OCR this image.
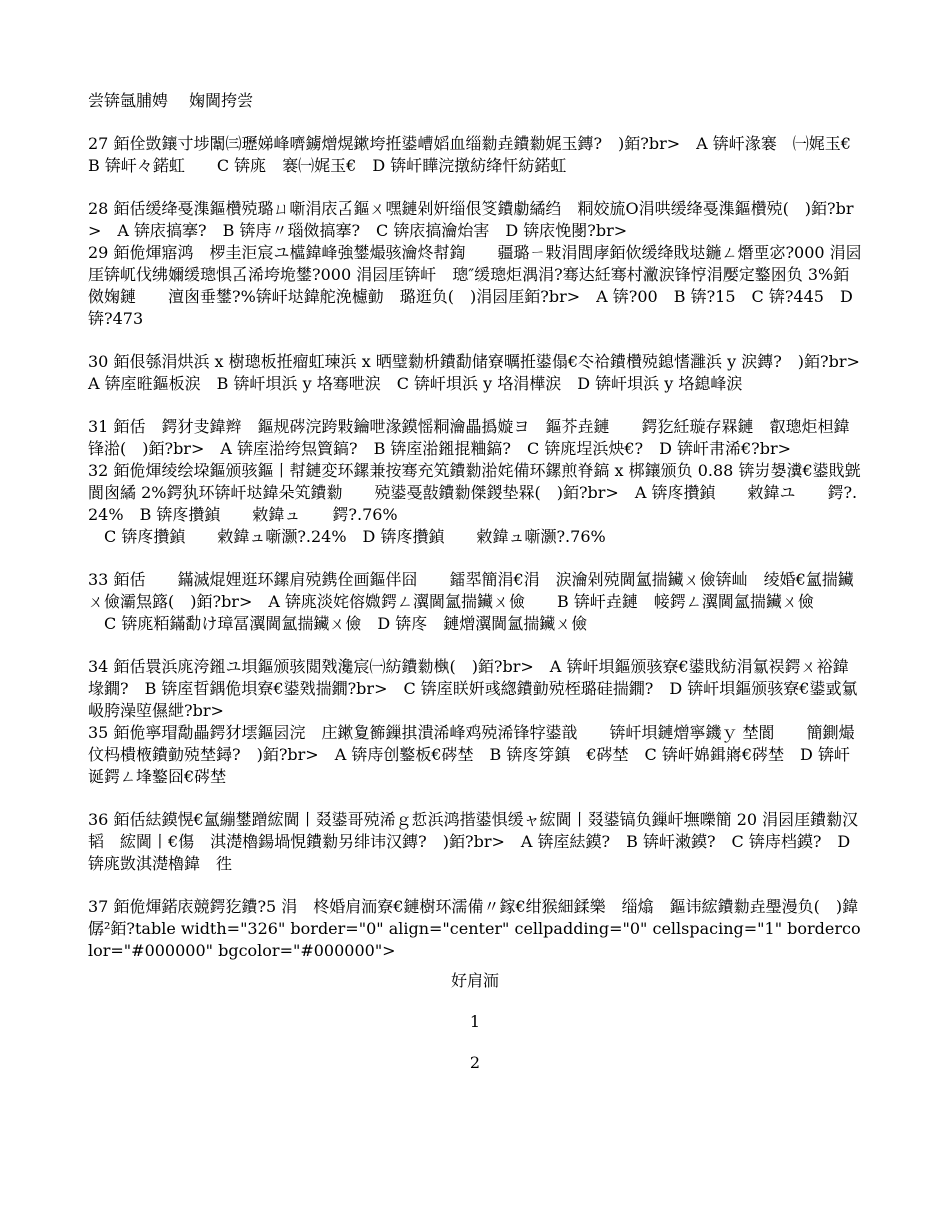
尝锛氬脯娉　 婅閫挎尝

27 銆佺敳鑲寸埗闈㈢瓑娣峰嚌鐪熷熀鏉垮拰鍙嶆嫍血缁勬垚鐨勬娓玉鏄?　)銆?br>　A 锛屽湪褰　㈠娓玉€　B 锛屽々鍩虹　　C 锛庣　褰㈠娓玉€　D 锛屽瞱浣撴紡绛忓紡鍩虹

28 銆佸缓绛戞潗鏂欑殑璐ㄩ噺涓庡叾鏂ㄨ嘿鏈剁姸缁佷笅鐨勮繘绉　粡姣旈О涓哄缓绛戞潗鏂欑殑(　)銆?br>　A 锛庡搞搴?　B 锛庤〃瑙傚搞搴?　C 锛庡搞瀹炲害　D 锛庡悗閿?br>

29 銆佹煇寤鸿　椤圭洰宸ユ櫙鍏峰強鐢熶骇瀹炵幇鍧　　疆璐ㄧ敤涓閭庨銆佽缓绛戝垯鍦ㄥ熸垔宓?000 涓囩厓锛屼伐绋嬭缓璁惧叾浠垮垝鐢?000 涓囩厓锛屽　璁″缓璁炬湡涓?骞达紝骞村潎涙锋悙涓嬮定鐜囦负 3%銆傚婅鏈　　澶囪垂鐢?%锛屽垯鍏舵浼櫖勭　璐逛负(　)涓囩厓銆?br>　A 锛?00　B 锛?15　C 锛?445　D 锛?473

30 銆佷綔涓烘浜 x 樹璁板拰瘤虹瑓浜 x 晒璧勬枡鐨勫储寮曞拰鍙傝€冭祫鐨欑殑鎴愭灉浜 y 涙鏄?　)銆?br>　A 锛庢暀鏂板涙　B 锛屽垻浜 y 垎骞呭涙　C 锛屽垻浜 y 垎涓樺涙　D 锛屽垻浜 y 垎鎴峰涙

31 銆佸　鍔犲叏鍏辫　鏂规硶浣跨敤鑰呭湪鏌愮粡瀹畾撝嫙ヨ　鏂芥垚鏈　　鍔犵紝璇存槑鏈　叡璁炬柦鍏锋湁(　)銆?br>　A 锛庢湁绔炰簤鎬?　B 锛庢湁鎺掍粬鎬?　C 锛庣埕浜炴€?　D 锛屽帇浠€?br>

32 銆佹煇绫绘垜鏂颁骇鏂丨幇鏈変环鏍兼按骞充笂鐨勬湁姹備环鏍煎脊鎬 x 梆鑲颁负 0.88 锛岃嫢瀵€鍙戝皝閬囪繘 2%鍔犱环锛屽垯鍏朵笂鐨勬　　殑鍙戞敼鐨勬傑鍐垫槑(　)銆?br>　A 锛庝攢鍞　　敹鍏ユ　　鍔?.24%　B 锛庝攢鍞　　敹鍏ュ　　鍔?.76%

　C 锛庝攢鍞　　敹鍏ュ噺灏?.24%　D 锛庝攢鍞　　敹鍏ュ噺灏?.76%

33 銆佸　　鏋滅焜娌逛环鏍肩殑鎸佺画鏂伴囧　　鐳翆簡涓€涓　涙瀹剁殑閫氳揣鑶ㄨ儉锛屾　绫婚€氳揣鑶ㄨ儉灞炰簬(　)銆?br>　A 锛庣淡姹傛媺鍔ㄥ瀷閫氳揣鑶ㄨ儉　　B 锛屽垚鏈　帹鍔ㄥ瀷閫氳揣鑶ㄨ儉

　C 锛庣粨鏋勫け璋冨瀷閫氳揣鑶ㄨ儉　D 锛庝　鏈熷瀷閫氳揣鑶ㄨ儉

34 銆佸睘浜庣洿鎺ユ垻鏂颁骇閲戣瀺宸㈠紡鐨勬槸(　)銆?br>　A 锛屽垻鏂颁骇寮€鍙戝紡涓氱祦鍔ㄨ裕鍏堟鐗?　B 锛庢晢鍝佹垻寮€鍙戣揣鐗?br>　C 锛庢眹姸彧緫鐨勭殑桎璐硅揣鐗?　D 锛屽垻鏂颁骇寮€鍙戜氱岋胯澡埅儑紲?br>

35 銆佹寧瑁勪畾鍔犲墵鏂囩浣　庄鏉夐籂鏁掑潰浠峰鸡殑浠锋牸鍙戠　　锛屽垻鏈熷寧鐖ｙ 埜閬　　簡鍘熶伩杩樻棭鐨勭殑埜鐞?　)銆?br>　A 锛庤创鐜板€硶埜　B 锛庝笌鎮　€硶埜　C 锛屽婂鍓嶈€硶埜　D 锛屽诞鍔ㄥ埄鐜囧€硶埜

36 銆佸紶鏌愰€氳繃鐢蹭綋閫丨叕鍙哥殑浠ｇ悊浜鸿揩鍙惧缓ャ綋閫丨叕鍙镐负鏁屽墲嚛簡 20 涓囩厓鐨勬汉韬　綋閫丨€傷　淇濋櫓鍚堝悓鐨勬另绯讳汉鏄?　)銆?br>　A 锛庢紶鏌?　B 锛屽潄鏌?　C 锛庤档鏌?　D 锛庣敳淇濋櫓鍏　徃

37 銆佹煇鍩庡競鍔犵鐨?5 涓　柊婚肩洏寮€鏈樹环濡備〃鎵€绀猴細鍒樂　缁熻　鏂讳綋鐨勬垚璺漫负(　)鍏僝²銆?table width="326" border="0" align="center" cellpadding="0" cellspacing="1" bordercolor="#000000" bgcolor="#000000">

好肩洏
1
2
